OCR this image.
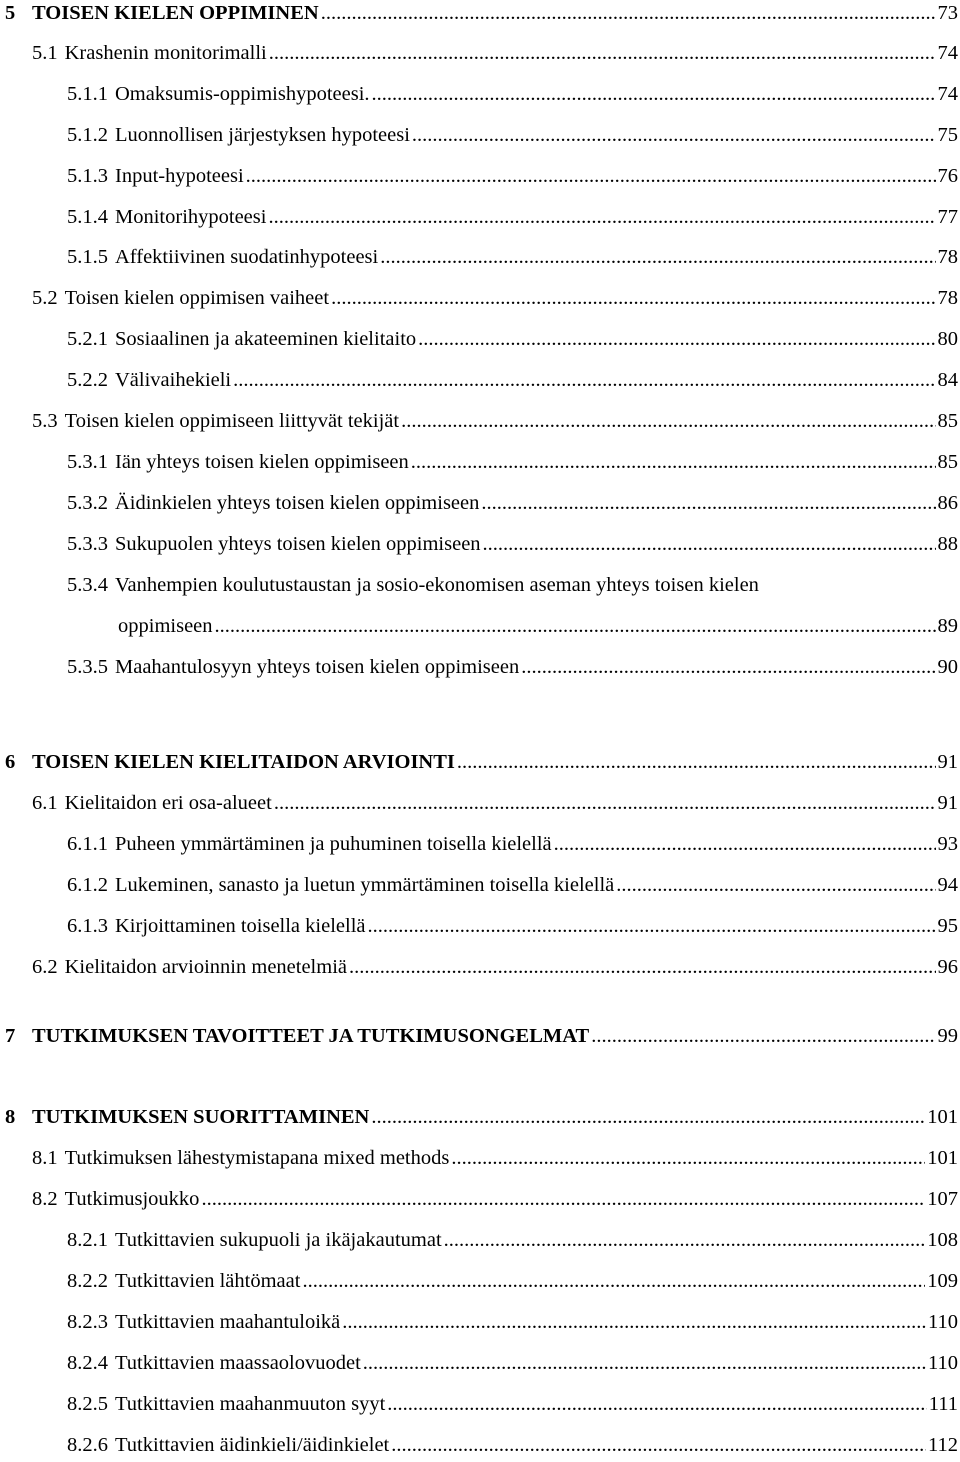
5 TOISEN KIELEN OPPIMINEN .....	73
5.1 Krashenin monitorimalli .....	74
5.1.1 Omaksumis-oppimishypoteesi. .....	74
5.1.2 Luonnollisen järjestyksen hypoteesi .....	75
5.1.3 Input-hypoteesi .....	76
5.1.4 Monitorihypoteesi .....	77
5.1.5 Affektiivinen suodatinhypoteesi .....	78
5.2 Toisen kielen oppimisen vaiheet .....	78
5.2.1 Sosiaalinen ja akateeminen kielitaito .....	80
5.2.2 Välivaihekieli .....	84
5.3 Toisen kielen oppimiseen liittyvät tekijät .....	85
5.3.1 Iän yhteys toisen kielen oppimiseen .....	85
5.3.2 Äidinkielen yhteys toisen kielen oppimiseen .....	86
5.3.3 Sukupuolen yhteys toisen kielen oppimiseen .....	88
5.3.4 Vanhempien koulutustaustan ja sosio-ekonomisen aseman yhteys toisen kielen
oppimiseen .....	89
5.3.5 Maahantulosyyn yhteys toisen kielen oppimiseen .....	90
6 TOISEN KIELEN KIELITAIDON ARVIOINTI .....	91
6.1 Kielitaidon eri osa-alueet .....	91
6.1.1 Puheen ymmärtäminen ja puhuminen toisella kielellä .....	93
6.1.2 Lukeminen, sanasto ja luetun ymmärtäminen toisella kielellä .....	94
6.1.3 Kirjoittaminen toisella kielellä .....	95
6.2 Kielitaidon arvioinnin menetelmiä .....	96
7 TUTKIMUKSEN TAVOITTEET JA TUTKIMUSONGELMAT .....	99
8 TUTKIMUKSEN SUORITTAMINEN .....	101
8.1 Tutkimuksen lähestymistapana mixed methods .....	101
8.2 Tutkimusjoukko .....	107
8.2.1 Tutkittavien sukupuoli ja ikäjakautumat .....	108
8.2.2 Tutkittavien lähtömaat .....	109
8.2.3 Tutkittavien maahantuloikä .....	110
8.2.4 Tutkittavien maassaolovuodet .....	110
8.2.5 Tutkittavien maahanmuuton syyt .....	111
8.2.6 Tutkittavien äidinkieli/äidinkielet .....	112
